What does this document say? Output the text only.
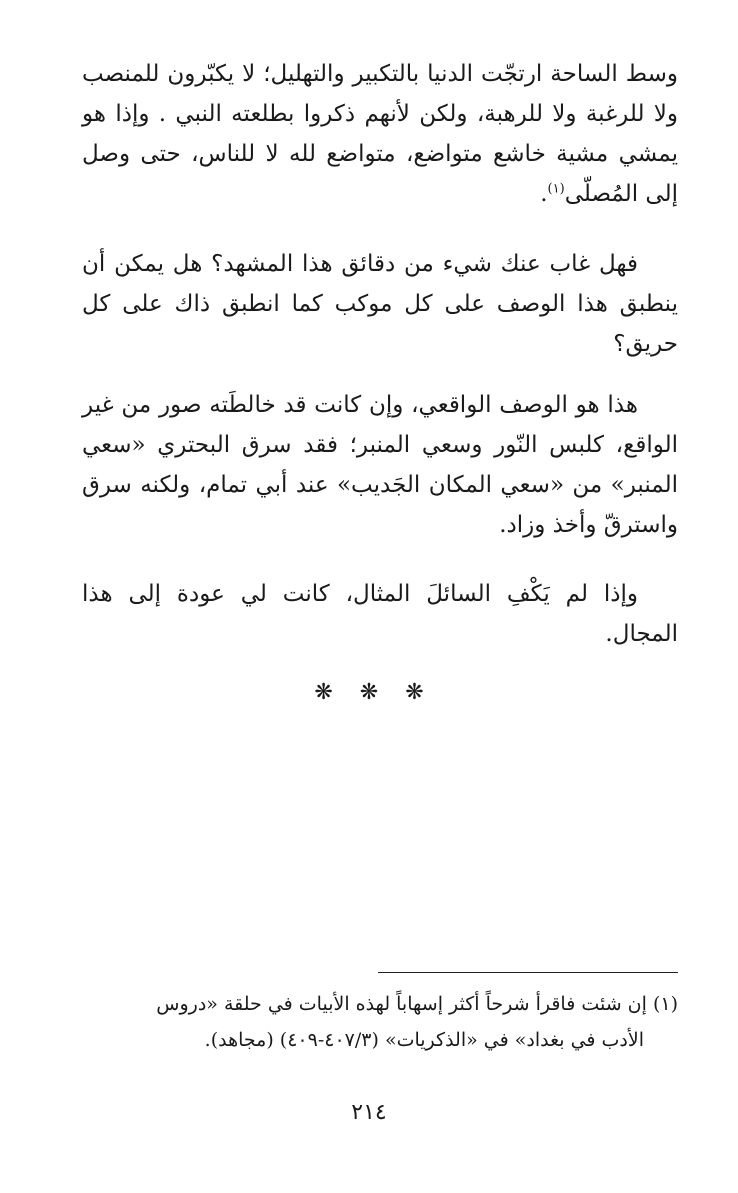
وسط الساحة ارتجّت الدنيا بالتكبير والتهليل؛ لا يكبّرون للمنصب ولا للرغبة ولا للرهبة، ولكن لأنهم ذكروا بطلعته النبي . وإذا هو يمشي مشية خاشع متواضع، متواضع لله لا للناس، حتى وصل إلى المُصلّى$^{(١)}$.

فهل غاب عنك شيء من دقائق هذا المشهد؟ هل يمكن أن ينطبق هذا الوصف على كل موكب كما انطبق ذاك على كل حريق؟

هذا هو الوصف الواقعي، وإن كانت قد خالطَته صور من غير الواقع، كلبس النّور وسعي المنبر؛ فقد سرق البحتري «سعي المنبر» من «سعي المكان الجَديب» عند أبي تمام، ولكنه سرق واسترقّ وأخذ وزاد.

وإذا لم يَكْفِ السائلَ المثال، كانت لي عودة إلى هذا المجال.

❋ ❋ ❋

(١) إن شئت فاقرأ شرحاً أكثر إسهاباً لهذه الأبيات في حلقة «دروس
الأدب في بغداد» في «الذكريات» (٤٠٧/٣-٤٠٩) (مجاهد).

٢١٤
